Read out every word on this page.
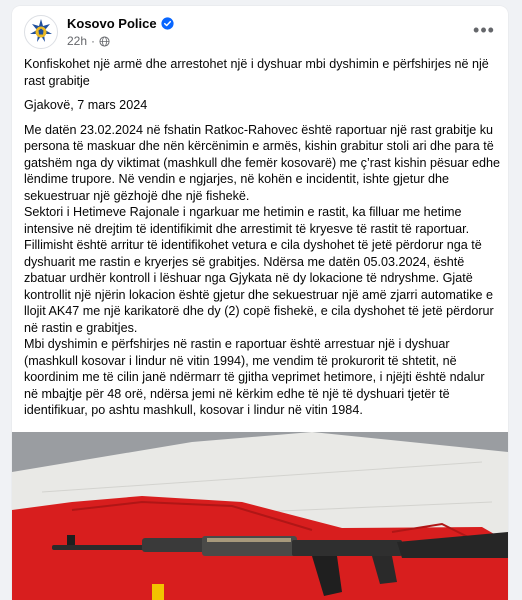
Kosovo Police
22h ·
•••

Konfiskohet një armë dhe arrestohet një i dyshuar mbi dyshimin e përfshirjes në një rast grabitje

Gjakovë, 7 mars 2024

Me datën 23.02.2024 në fshatin Ratkoc-Rahovec është raportuar një rast grabitje ku persona të maskuar dhe nën kërcënimin e armës, kishin grabitur stoli ari dhe para të gatshëm nga dy viktimat (mashkull dhe femër kosovarë) me ç’rast kishin pësuar edhe lëndime trupore. Në vendin e ngjarjes, në kohën e incidentit, ishte gjetur dhe sekuestruar një gëzhojë dhe një fishekë.
Sektori i Hetimeve Rajonale i ngarkuar me hetimin e rastit, ka filluar me hetime intensive në drejtim të identifikimit dhe arrestimit të kryesve të rastit të raportuar. Fillimisht është arritur të identifikohet vetura e cila dyshohet të jetë përdorur nga të dyshuarit me rastin e kryerjes së grabitjes. Ndërsa me datën 05.03.2024, është zbatuar urdhër kontroll i lëshuar nga Gjykata në dy lokacione të ndryshme. Gjatë kontrollit një njërin lokacion është gjetur dhe sekuestruar një amë zjarri automatike e llojit AK47 me një karikatorë dhe dy (2) copë fishekë, e cila dyshohet të jetë përdorur në rastin e grabitjes.
Mbi dyshimin e përfshirjes në rastin e raportuar është arrestuar një i dyshuar (mashkull kosovar i lindur në vitin 1994), me vendim të prokurorit të shtetit, në koordinim me të cilin janë ndërmarr të gjitha veprimet hetimore, i njëjti është ndalur në mbajtje për 48 orë, ndërsa jemi në kërkim edhe të një të dyshuari tjetër të identifikuar, po ashtu mashkull, kosovar i lindur në vitin 1984.
